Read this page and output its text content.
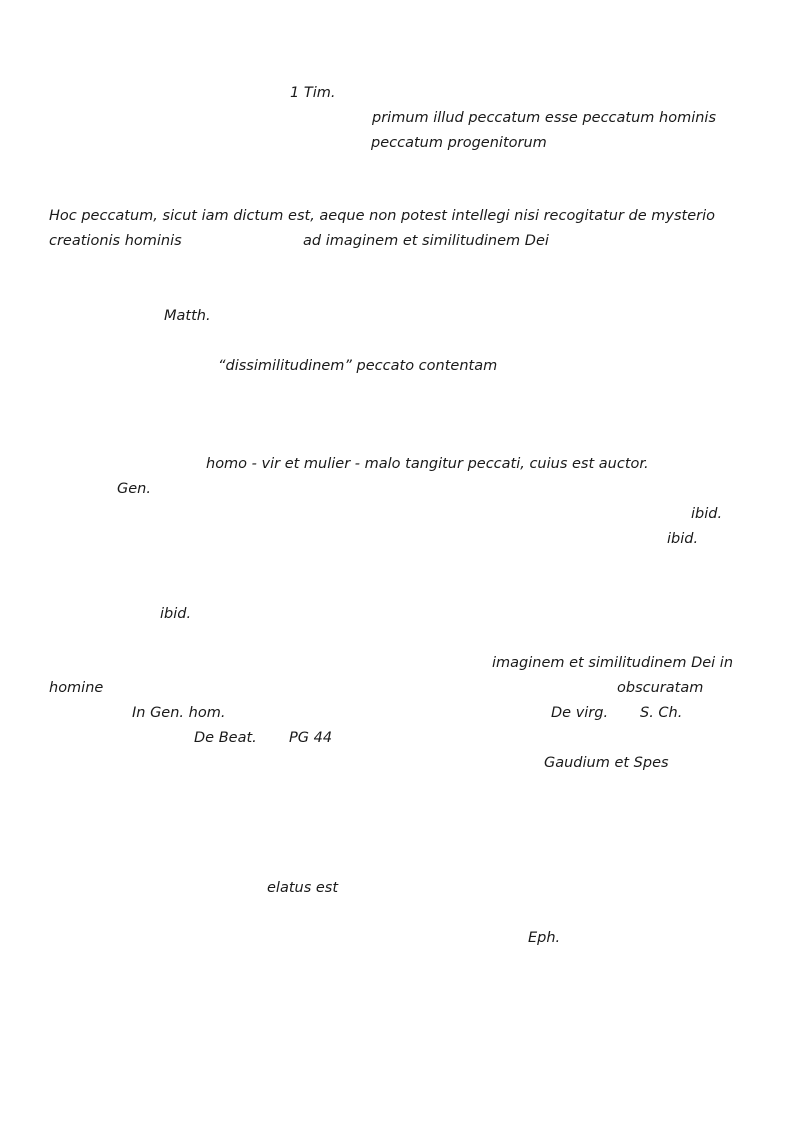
1 Tim.
primum illud peccatum esse peccatum hominis
peccatum progenitorum
Hoc peccatum, sicut iam dictum est, aeque non potest intellegi nisi recogitatur de mysterio
creationis hominis	ad imaginem et similitudinem Dei
Matth.
“dissimilitudinem” peccato contentam
homo - vir et mulier - malo tangitur peccati, cuius est auctor.
Gen.
ibid.
ibid.
ibid.
imaginem et similitudinem Dei in
homine	obscuratam
In Gen. hom.	De virg. S. Ch.
De Beat. PG 44
Gaudium et Spes
elatus est
Eph.
